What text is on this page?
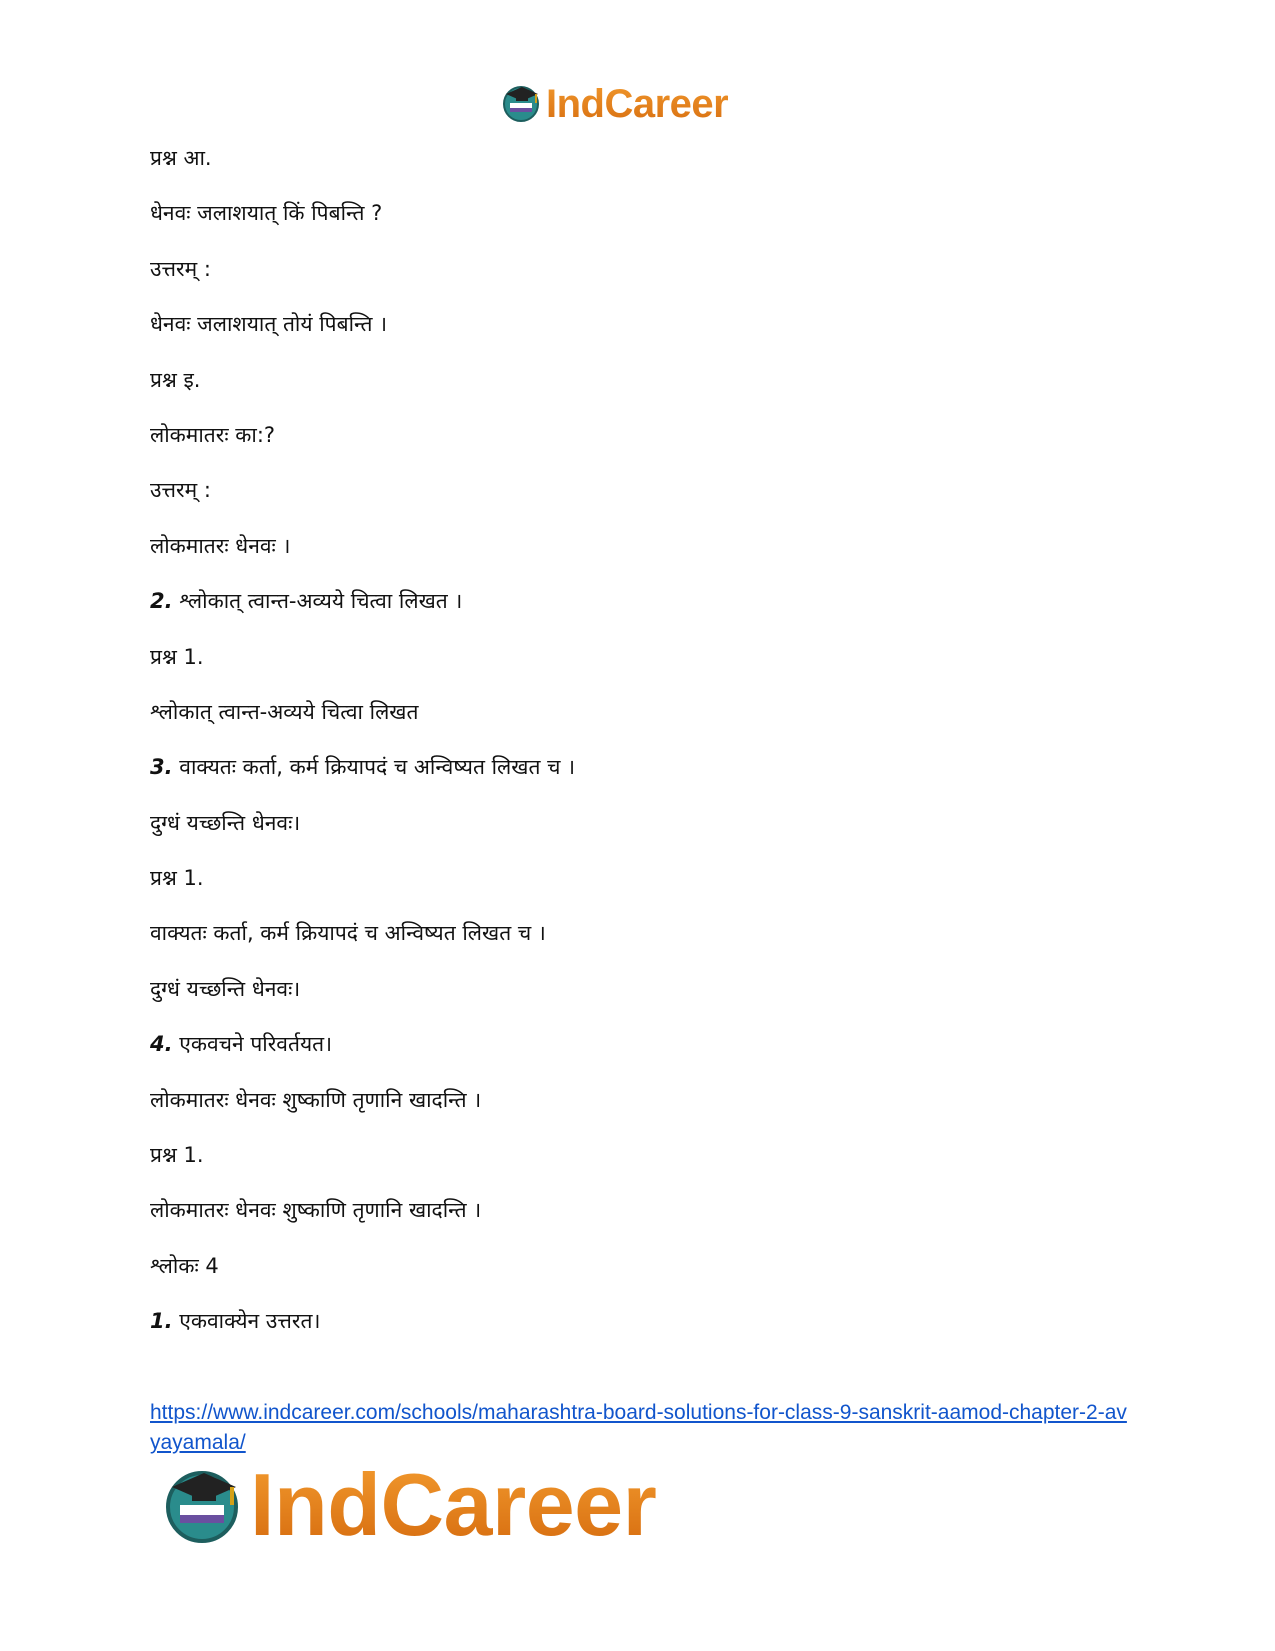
IndCareer
प्रश्न आ.
धेनवः जलाशयात् किं पिबन्ति ?
उत्तरम् :
धेनवः जलाशयात् तोयं पिबन्ति ।
प्रश्न इ.
लोकमातरः का:?
उत्तरम् :
लोकमातरः धेनवः ।
2. श्लोकात् त्वान्त-अव्यये चित्वा लिखत ।
प्रश्न 1.
श्लोकात् त्वान्त-अव्यये चित्वा लिखत
3. वाक्यतः कर्ता, कर्म क्रियापदं च अन्विष्यत लिखत च ।
दुग्धं यच्छन्ति धेनवः।
प्रश्न 1.
वाक्यतः कर्ता, कर्म क्रियापदं च अन्विष्यत लिखत च ।
दुग्धं यच्छन्ति धेनवः।
4. एकवचने परिवर्तयत।
लोकमातरः धेनवः शुष्काणि तृणानि खादन्ति ।
प्रश्न 1.
लोकमातरः धेनवः शुष्काणि तृणानि खादन्ति ।
श्लोकः 4
1. एकवाक्येन उत्तरत।
https://www.indcareer.com/schools/maharashtra-board-solutions-for-class-9-sanskrit-aamod-chapter-2-avyayamala/
IndCareer
